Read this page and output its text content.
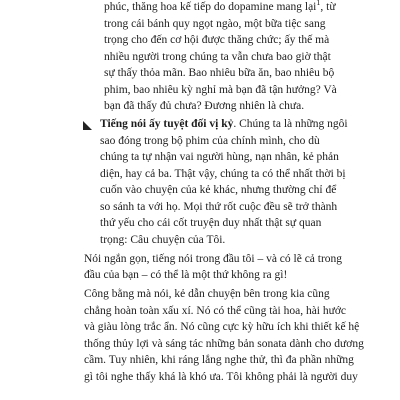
phúc, thăng hoa kế tiếp do dopamine mang lại$^1$, từ
trong cái bánh quy ngọt ngào, một bữa tiệc sang
trọng cho đến cơ hội được thăng chức; ấy thế mà
nhiều người trong chúng ta vẫn chưa bao giờ thật
sự thấy thỏa mãn. Bao nhiêu bữa ăn, bao nhiêu bộ
phim, bao nhiêu kỳ nghỉ mà bạn đã tận hưởng? Và
bạn đã thấy đủ chưa? Đương nhiên là chưa.
Tiếng nói ấy tuyệt đối vị kỷ. Chúng ta là những ngôi
sao đóng trong bộ phim của chính mình, cho dù
chúng ta tự nhận vai người hùng, nạn nhân, kẻ phản
diện, hay cả ba. Thật vậy, chúng ta có thể nhất thời bị
cuốn vào chuyện của kẻ khác, nhưng thường chỉ để
so sánh ta với họ. Mọi thứ rốt cuộc đều sẽ trở thành
thứ yếu cho cái cốt truyện duy nhất thật sự quan
trọng: Câu chuyện của Tôi.
Nói ngắn gọn, tiếng nói trong đầu tôi – và có lẽ cả trong
đầu của bạn – có thể là một thứ không ra gì!
Công bằng mà nói, kẻ dẫn chuyện bên trong kia cũng
chẳng hoàn toàn xấu xí. Nó có thể cũng tài hoa, hài hước
và giàu lòng trắc ẩn. Nó cũng cực kỳ hữu ích khi thiết kế hệ
thống thủy lợi và sáng tác những bản sonata dành cho dương
cầm. Tuy nhiên, khi ráng lắng nghe thử, thì đa phần những
gì tôi nghe thấy khá là khó ưa. Tôi không phải là người duy
